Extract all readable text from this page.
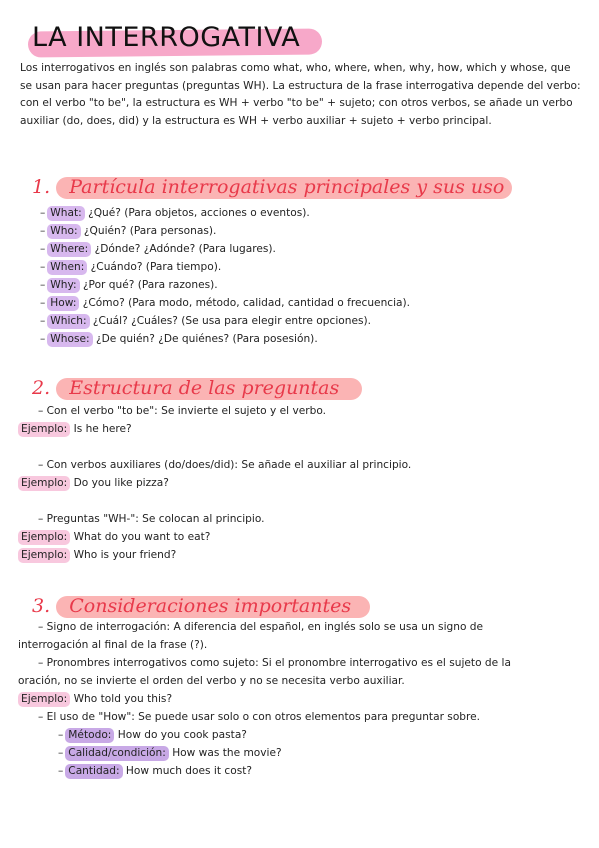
LA INTERROGATIVA

Los interrogativos en inglés son palabras como what, who, where, when, why, how, which y whose, que se usan para hacer preguntas (preguntas WH). La estructura de la frase interrogativa depende del verbo: con el verbo "to be", la estructura es WH + verbo "to be" + sujeto; con otros verbos, se añade un verbo auxiliar (do, does, did) y la estructura es WH + verbo auxiliar + sujeto + verbo principal.

1. Partícula interrogativas principales y sus uso
– What: ¿Qué? (Para objetos, acciones o eventos).
– Who: ¿Quién? (Para personas).
– Where: ¿Dónde? ¿Adónde? (Para lugares).
– When: ¿Cuándo? (Para tiempo).
– Why: ¿Por qué? (Para razones).
– How: ¿Cómo? (Para modo, método, calidad, cantidad o frecuencia).
– Which: ¿Cuál? ¿Cuáles? (Se usa para elegir entre opciones).
– Whose: ¿De quién? ¿De quiénes? (Para posesión).
2. Estructura de las preguntas
– Con el verbo "to be": Se invierte el sujeto y el verbo.
Ejemplo: Is he here?
– Con verbos auxiliares (do/does/did): Se añade el auxiliar al principio.
Ejemplo: Do you like pizza?
– Preguntas "WH-": Se colocan al principio.
Ejemplo: What do you want to eat?
Ejemplo: Who is your friend?
3. Consideraciones importantes
– Signo de interrogación: A diferencia del español, en inglés solo se usa un signo de
interrogación al final de la frase (?).
– Pronombres interrogativos como sujeto: Si el pronombre interrogativo es el sujeto de la
oración, no se invierte el orden del verbo y no se necesita verbo auxiliar.
Ejemplo: Who told you this?
– El uso de "How": Se puede usar solo o con otros elementos para preguntar sobre.
– Método: How do you cook pasta?
– Calidad/condición: How was the movie?
– Cantidad: How much does it cost?
